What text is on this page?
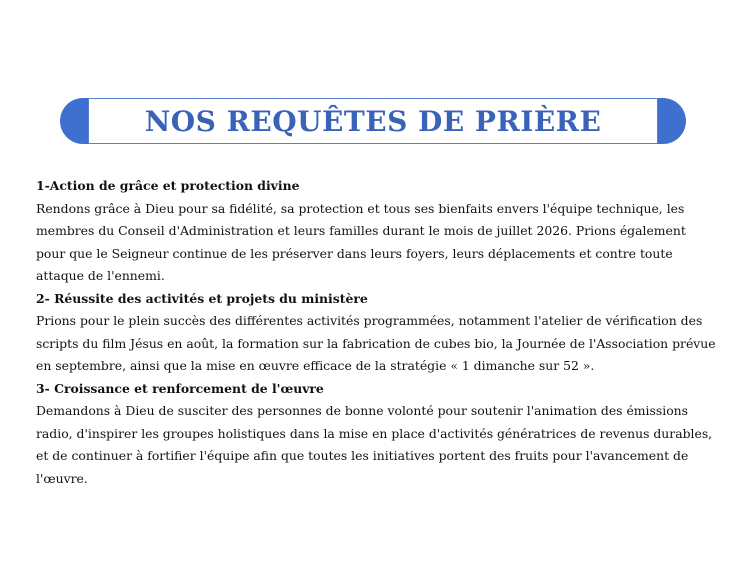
NOS REQUÊTES DE PRIÈRE

1-Action de grâce et protection divine

Rendons grâce à Dieu pour sa fidélité, sa protection et tous ses bienfaits envers l'équipe technique, les membres du Conseil d'Administration et leurs familles durant le mois de juillet 2026. Prions également pour que le Seigneur continue de les préserver dans leurs foyers, leurs déplacements et contre toute attaque de l'ennemi.

2- Réussite des activités et projets du ministère

Prions pour le plein succès des différentes activités programmées, notamment l'atelier de vérification des scripts du film Jésus en août, la formation sur la fabrication de cubes bio, la Journée de l'Association prévue en septembre, ainsi que la mise en œuvre efficace de la stratégie « 1 dimanche sur 52 ».

3- Croissance et renforcement de l'œuvre

Demandons à Dieu de susciter des personnes de bonne volonté pour soutenir l'animation des émissions radio, d'inspirer les groupes holistiques dans la mise en place d'activités génératrices de revenus durables, et de continuer à fortifier l'équipe afin que toutes les initiatives portent des fruits pour l'avancement de l'œuvre.
